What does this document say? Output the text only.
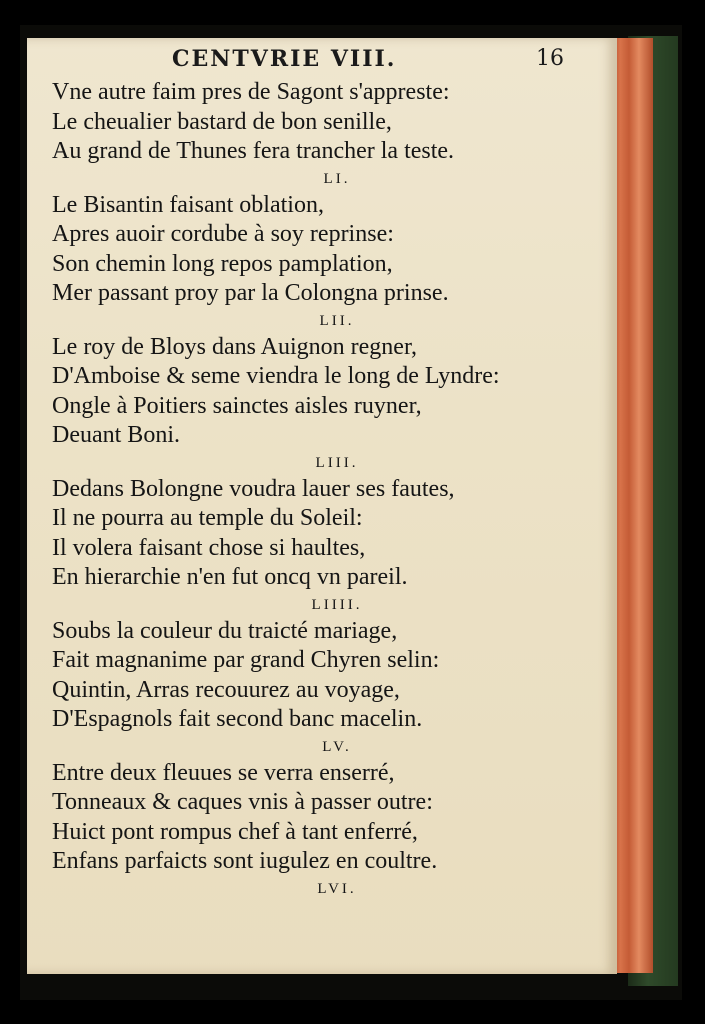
CENTVRIE VIII.	16
Vne autre faim pres de Sagont s'appreste:
Le cheualier bastard de bon senille,
Au grand de Thunes fera trancher la teste.
LI.
Le Bisantin faisant oblation,
Apres auoir cordube à soy reprinse:
Son chemin long repos pamplation,
Mer passant proy par la Colongna prinse.
LII.
Le roy de Bloys dans Auignon regner,
D'Amboise & seme viendra le long de Lyndre:
Ongle à Poitiers sainctes aisles ruyner,
Deuant Boni.
LIII.
Dedans Bolongne voudra lauer ses fautes,
Il ne pourra au temple du Soleil:
Il volera faisant chose si haultes,
En hierarchie n'en fut oncq vn pareil.
LIIII.
Soubs la couleur du traicté mariage,
Fait magnanime par grand Chyren selin:
Quintin, Arras recouurez au voyage,
D'Espagnols fait second banc macelin.
LV.
Entre deux fleuues se verra enserré,
Tonneaux & caques vnis à passer outre:
Huict pont rompus chef à tant enferré,
Enfans parfaicts sont iugulez en coultre.
LVI.
